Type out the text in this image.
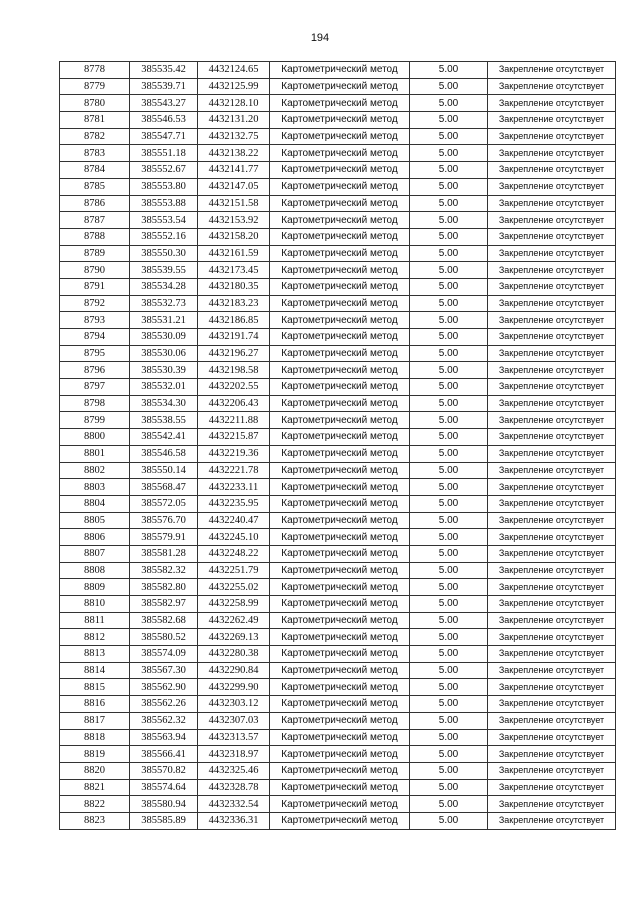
194
8778	385535.42	4432124.65	Картометрический метод	5.00	Закрепление отсутствует
8779	385539.71	4432125.99	Картометрический метод	5.00	Закрепление отсутствует
8780	385543.27	4432128.10	Картометрический метод	5.00	Закрепление отсутствует
8781	385546.53	4432131.20	Картометрический метод	5.00	Закрепление отсутствует
8782	385547.71	4432132.75	Картометрический метод	5.00	Закрепление отсутствует
8783	385551.18	4432138.22	Картометрический метод	5.00	Закрепление отсутствует
8784	385552.67	4432141.77	Картометрический метод	5.00	Закрепление отсутствует
8785	385553.80	4432147.05	Картометрический метод	5.00	Закрепление отсутствует
8786	385553.88	4432151.58	Картометрический метод	5.00	Закрепление отсутствует
8787	385553.54	4432153.92	Картометрический метод	5.00	Закрепление отсутствует
8788	385552.16	4432158.20	Картометрический метод	5.00	Закрепление отсутствует
8789	385550.30	4432161.59	Картометрический метод	5.00	Закрепление отсутствует
8790	385539.55	4432173.45	Картометрический метод	5.00	Закрепление отсутствует
8791	385534.28	4432180.35	Картометрический метод	5.00	Закрепление отсутствует
8792	385532.73	4432183.23	Картометрический метод	5.00	Закрепление отсутствует
8793	385531.21	4432186.85	Картометрический метод	5.00	Закрепление отсутствует
8794	385530.09	4432191.74	Картометрический метод	5.00	Закрепление отсутствует
8795	385530.06	4432196.27	Картометрический метод	5.00	Закрепление отсутствует
8796	385530.39	4432198.58	Картометрический метод	5.00	Закрепление отсутствует
8797	385532.01	4432202.55	Картометрический метод	5.00	Закрепление отсутствует
8798	385534.30	4432206.43	Картометрический метод	5.00	Закрепление отсутствует
8799	385538.55	4432211.88	Картометрический метод	5.00	Закрепление отсутствует
8800	385542.41	4432215.87	Картометрический метод	5.00	Закрепление отсутствует
8801	385546.58	4432219.36	Картометрический метод	5.00	Закрепление отсутствует
8802	385550.14	4432221.78	Картометрический метод	5.00	Закрепление отсутствует
8803	385568.47	4432233.11	Картометрический метод	5.00	Закрепление отсутствует
8804	385572.05	4432235.95	Картометрический метод	5.00	Закрепление отсутствует
8805	385576.70	4432240.47	Картометрический метод	5.00	Закрепление отсутствует
8806	385579.91	4432245.10	Картометрический метод	5.00	Закрепление отсутствует
8807	385581.28	4432248.22	Картометрический метод	5.00	Закрепление отсутствует
8808	385582.32	4432251.79	Картометрический метод	5.00	Закрепление отсутствует
8809	385582.80	4432255.02	Картометрический метод	5.00	Закрепление отсутствует
8810	385582.97	4432258.99	Картометрический метод	5.00	Закрепление отсутствует
8811	385582.68	4432262.49	Картометрический метод	5.00	Закрепление отсутствует
8812	385580.52	4432269.13	Картометрический метод	5.00	Закрепление отсутствует
8813	385574.09	4432280.38	Картометрический метод	5.00	Закрепление отсутствует
8814	385567.30	4432290.84	Картометрический метод	5.00	Закрепление отсутствует
8815	385562.90	4432299.90	Картометрический метод	5.00	Закрепление отсутствует
8816	385562.26	4432303.12	Картометрический метод	5.00	Закрепление отсутствует
8817	385562.32	4432307.03	Картометрический метод	5.00	Закрепление отсутствует
8818	385563.94	4432313.57	Картометрический метод	5.00	Закрепление отсутствует
8819	385566.41	4432318.97	Картометрический метод	5.00	Закрепление отсутствует
8820	385570.82	4432325.46	Картометрический метод	5.00	Закрепление отсутствует
8821	385574.64	4432328.78	Картометрический метод	5.00	Закрепление отсутствует
8822	385580.94	4432332.54	Картометрический метод	5.00	Закрепление отсутствует
8823	385585.89	4432336.31	Картометрический метод	5.00	Закрепление отсутствует
